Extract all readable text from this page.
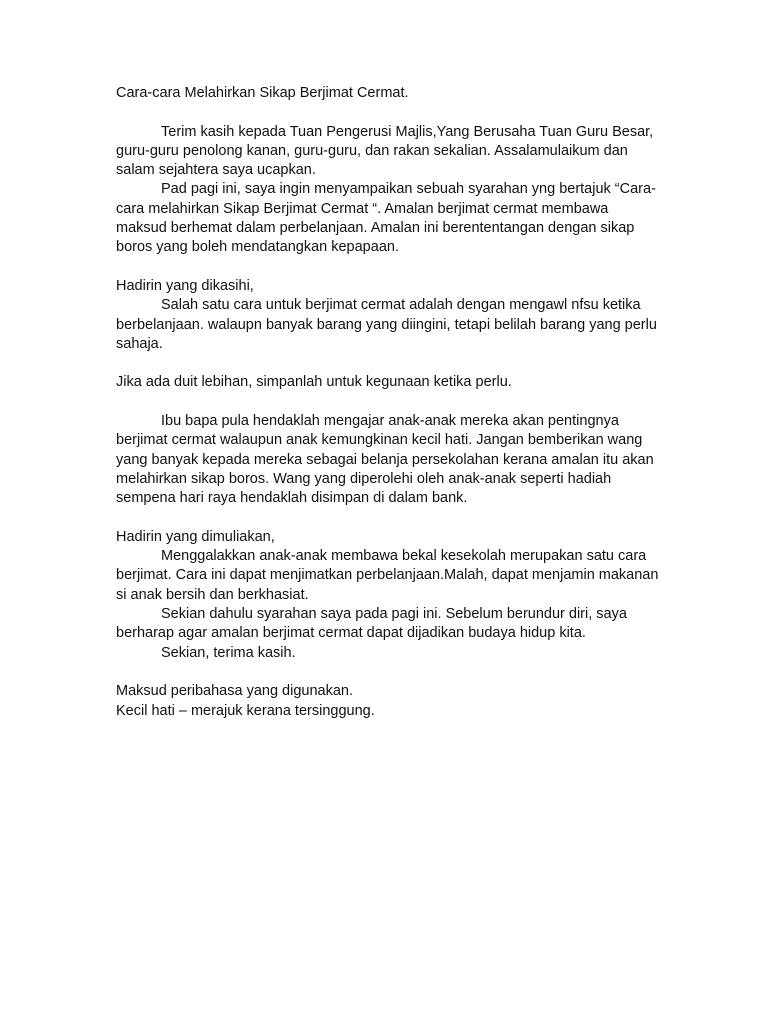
Cara-cara Melahirkan Sikap Berjimat Cermat.

Terim kasih kepada Tuan Pengerusi Majlis,Yang Berusaha Tuan Guru Besar, guru-guru penolong kanan, guru-guru, dan rakan sekalian. Assalamulaikum dan salam sejahtera saya ucapkan.

Pad pagi ini, saya ingin menyampaikan sebuah syarahan yng bertajuk “Cara-cara melahirkan Sikap Berjimat Cermat “. Amalan berjimat cermat membawa maksud berhemat dalam perbelanjaan. Amalan ini berententangan dengan sikap boros yang boleh mendatangkan kepapaan.

Hadirin yang dikasihi,

Salah satu cara untuk berjimat cermat adalah dengan mengawl nfsu ketika berbelanjaan. walaupn banyak barang yang diingini, tetapi belilah barang yang perlu  sahaja.

Jika ada duit lebihan, simpanlah untuk kegunaan ketika perlu.

Ibu bapa pula hendaklah mengajar anak-anak mereka akan pentingnya berjimat cermat walaupun anak kemungkinan kecil hati. Jangan bemberikan wang yang banyak kepada mereka sebagai belanja persekolahan kerana amalan itu akan melahirkan sikap boros. Wang yang diperolehi oleh anak-anak seperti hadiah sempena hari raya hendaklah disimpan di dalam bank.

Hadirin yang dimuliakan,

Menggalakkan anak-anak membawa bekal kesekolah merupakan satu cara berjimat. Cara ini dapat menjimatkan perbelanjaan.Malah, dapat menjamin makanan si anak bersih dan berkhasiat.

Sekian dahulu syarahan saya pada pagi ini. Sebelum berundur diri, saya berharap agar amalan berjimat cermat dapat dijadikan budaya hidup kita.

Sekian, terima kasih.

Maksud peribahasa yang digunakan.

Kecil hati – merajuk kerana tersinggung.
